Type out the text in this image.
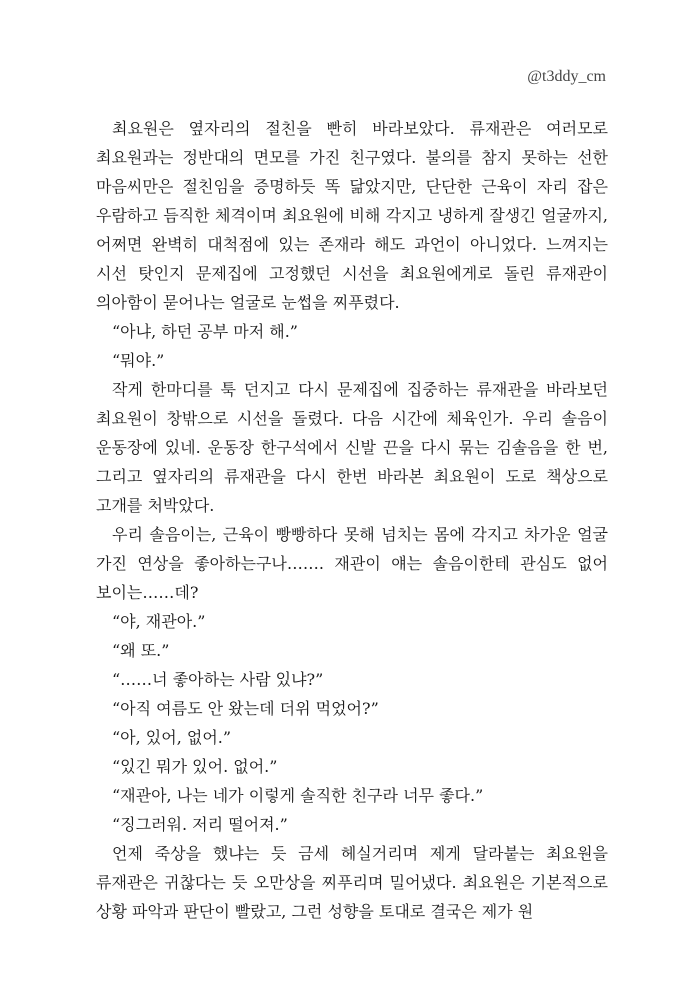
@t3ddy_cm

최요원은 옆자리의 절친을 빤히 바라보았다. 류재관은 여러모로 최요원과는 정반대의 면모를 가진 친구였다. 불의를 참지 못하는 선한 마음씨만은 절친임을 증명하듯 똑 닮았지만, 단단한 근육이 자리 잡은 우람하고 듬직한 체격이며 최요원에 비해 각지고 냉하게 잘생긴 얼굴까지, 어쩌면 완벽히 대척점에 있는 존재라 해도 과언이 아니었다. 느껴지는 시선 탓인지 문제집에 고정했던 시선을 최요원에게로 돌린 류재관이 의아함이 묻어나는 얼굴로 눈썹을 찌푸렸다.

“아냐, 하던 공부 마저 해.”

“뭐야.”

작게 한마디를 툭 던지고 다시 문제집에 집중하는 류재관을 바라보던 최요원이 창밖으로 시선을 돌렸다. 다음 시간에 체육인가. 우리 솔음이 운동장에 있네. 운동장 한구석에서 신발 끈을 다시 묶는 김솔음을 한 번, 그리고 옆자리의 류재관을 다시 한번 바라본 최요원이 도로 책상으로 고개를 처박았다.

우리 솔음이는, 근육이 빵빵하다 못해 넘치는 몸에 각지고 차가운 얼굴 가진 연상을 좋아하는구나……. 재관이 얘는 솔음이한테 관심도 없어 보이는……데?

“야, 재관아.”

“왜 또.”

“……너 좋아하는 사람 있냐?”

“아직 여름도 안 왔는데 더위 먹었어?”

“아, 있어, 없어.”

“있긴 뭐가 있어. 없어.”

“재관아, 나는 네가 이렇게 솔직한 친구라 너무 좋다.”

“징그러워. 저리 떨어져.”

언제 죽상을 했냐는 듯 금세 헤실거리며 제게 달라붙는 최요원을 류재관은 귀찮다는 듯 오만상을 찌푸리며 밀어냈다. 최요원은 기본적으로 상황 파악과 판단이 빨랐고, 그런 성향을 토대로 결국은 제가 원
